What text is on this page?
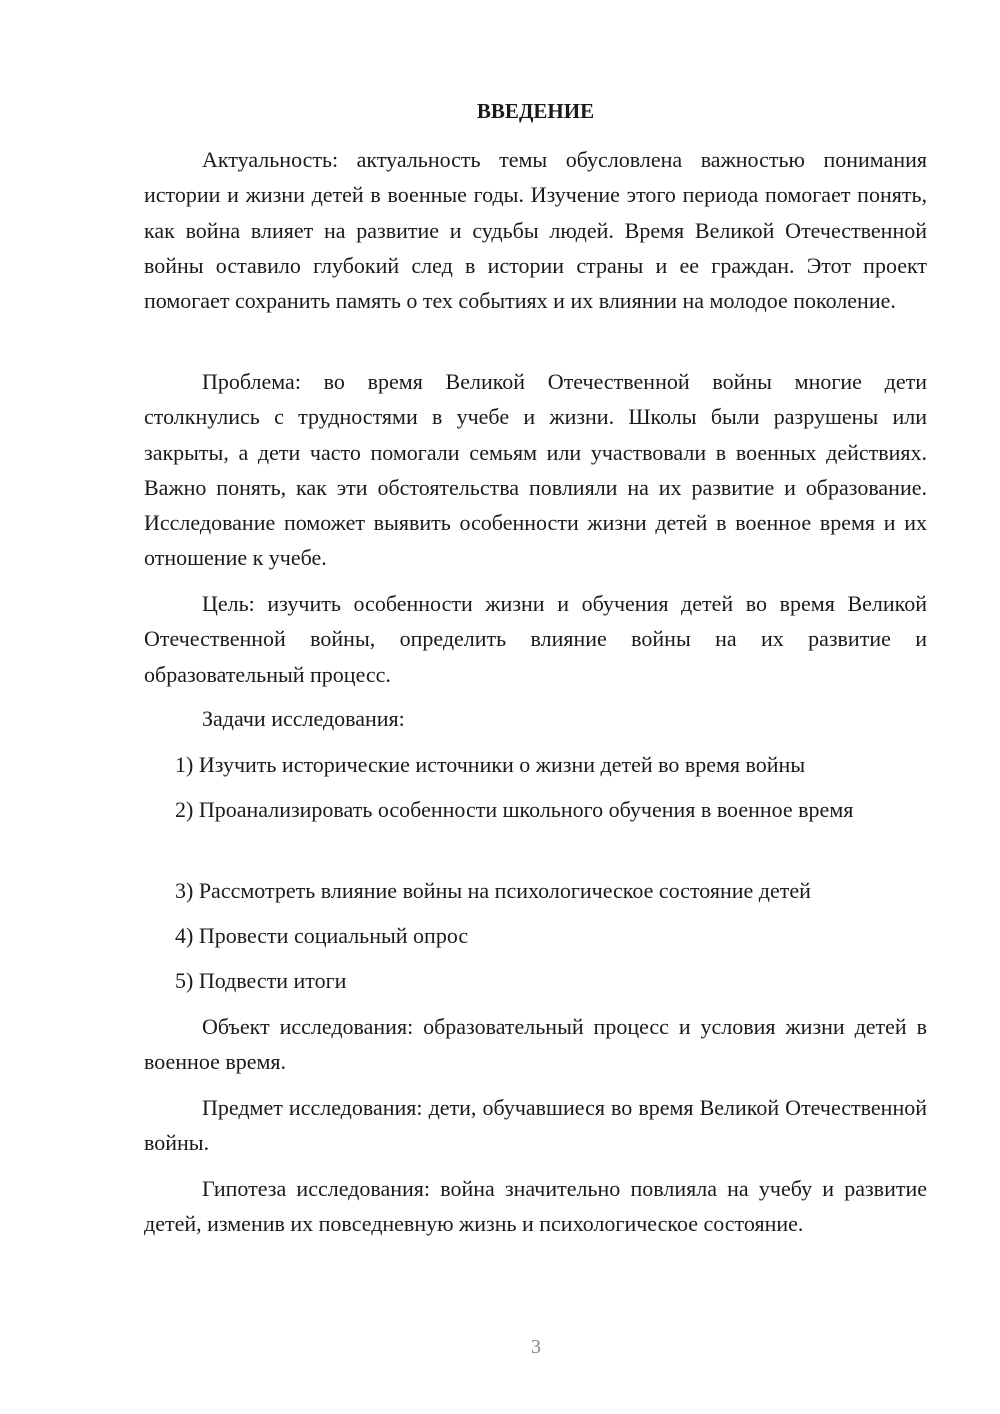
ВВЕДЕНИЕ

Актуальность: актуальность темы обусловлена важностью понимания истории и жизни детей в военные годы. Изучение этого периода помогает понять, как война влияет на развитие и судьбы людей. Время Великой Отечественной войны оставило глубокий след в истории страны и ее граждан. Этот проект помогает сохранить память о тех событиях и их влиянии на молодое поколение.

Проблема: во время Великой Отечественной войны многие дети столкнулись с трудностями в учебе и жизни. Школы были разрушены или закрыты, а дети часто помогали семьям или участвовали в военных действиях. Важно понять, как эти обстоятельства повлияли на их развитие и образование. Исследование поможет выявить особенности жизни детей в военное время и их отношение к учебе.

Цель: изучить особенности жизни и обучения детей во время Великой Отечественной войны, определить влияние войны на их развитие и образовательный процесс.

Задачи исследования:

1) Изучить исторические источники о жизни детей во время войны

2) Проанализировать особенности школьного обучения в военное время

3) Рассмотреть влияние войны на психологическое состояние детей

4) Провести социальный опрос

5) Подвести итоги

Объект исследования: образовательный процесс и условия жизни детей в военное время.

Предмет исследования: дети, обучавшиеся во время Великой Отечественной войны.

Гипотеза исследования: война значительно повлияла на учебу и развитие детей, изменив их повседневную жизнь и психологическое состояние.

3
